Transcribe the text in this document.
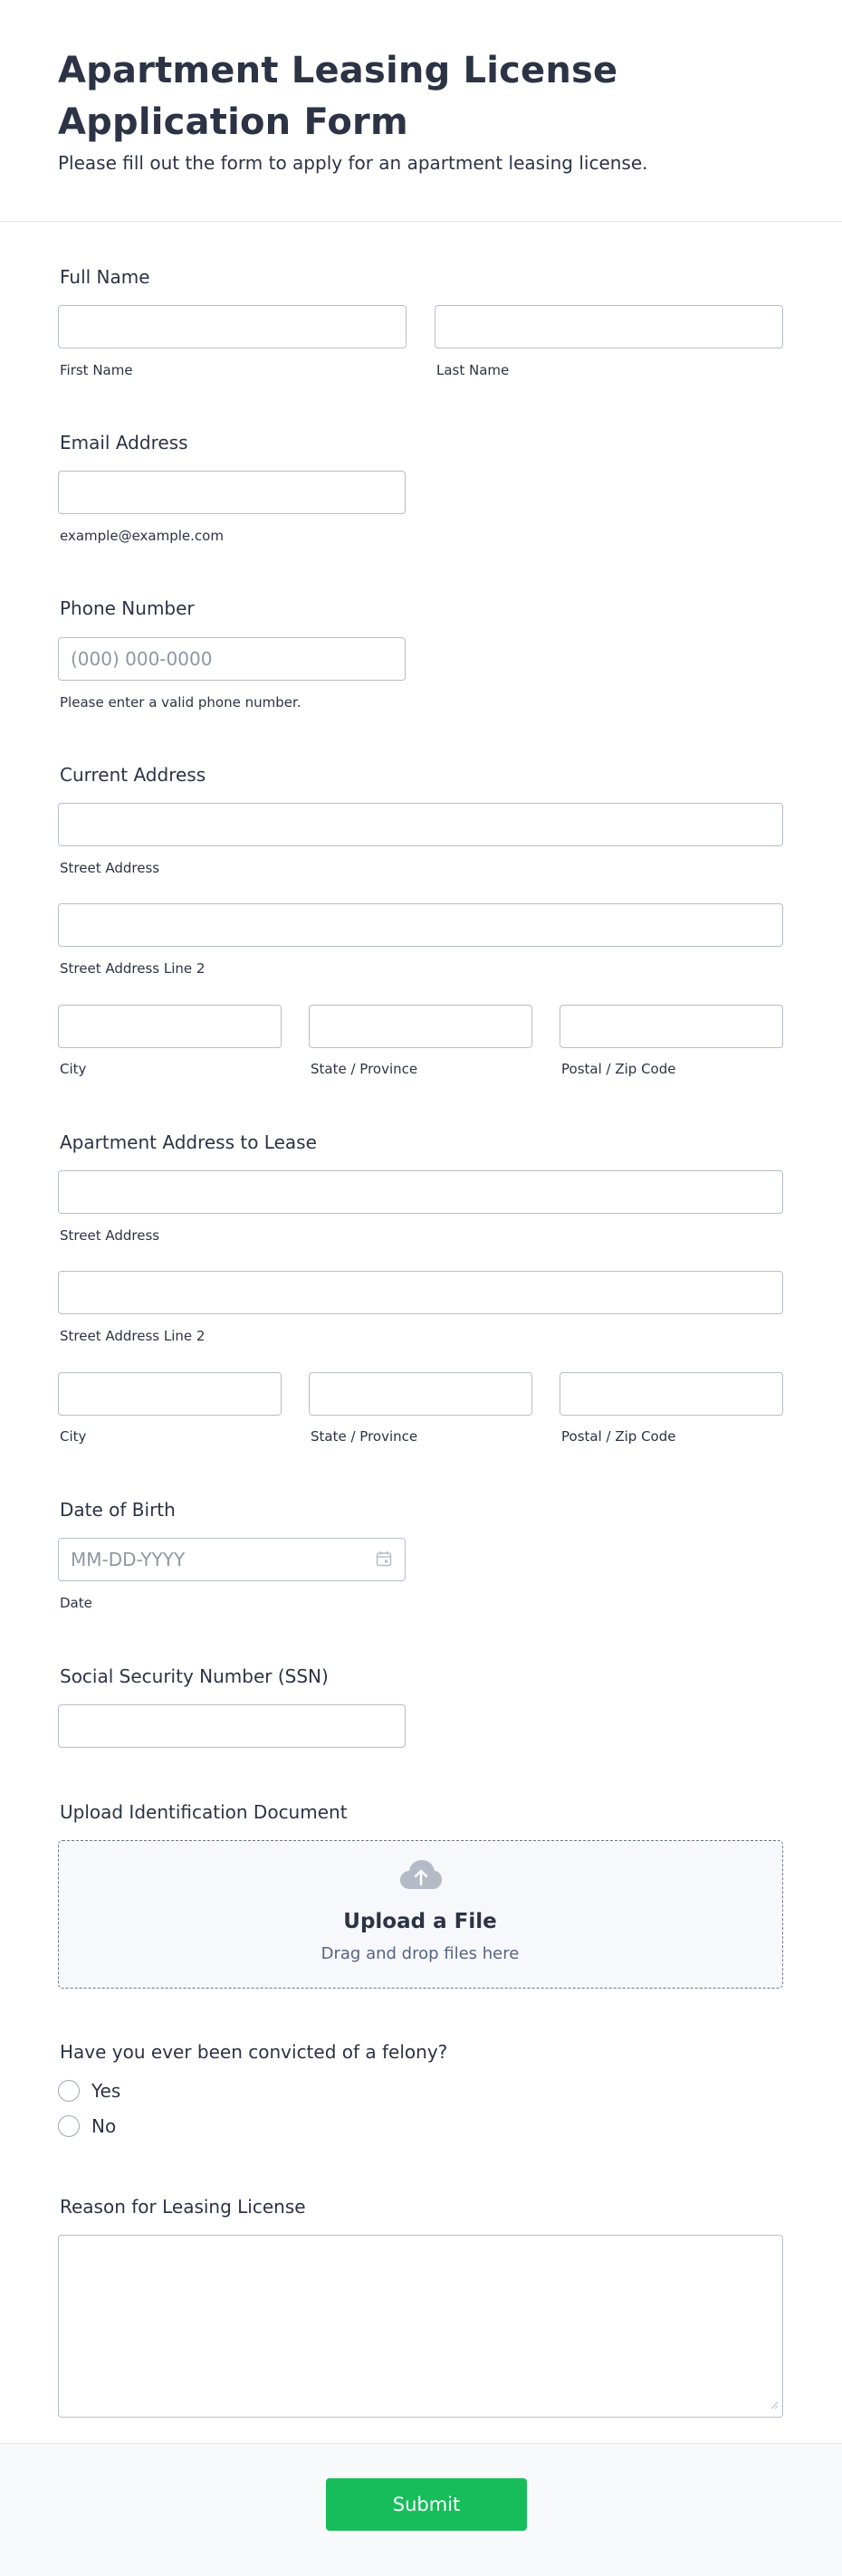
Apartment Leasing License Application Form

Please fill out the form to apply for an apartment leasing license.

Full Name
First Name	Last Name
Email Address
example@example.com
Phone Number
(000) 000-0000
Please enter a valid phone number.
Current Address
Street Address
Street Address Line 2
City	State / Province	Postal / Zip Code
Apartment Address to Lease
Street Address
Street Address Line 2
City	State / Province	Postal / Zip Code
Date of Birth
MM-DD-YYYY
Date
Social Security Number (SSN)
Upload Identification Document
Upload a File
Drag and drop files here
Have you ever been convicted of a felony?
Yes
No
Reason for Leasing License
Submit
